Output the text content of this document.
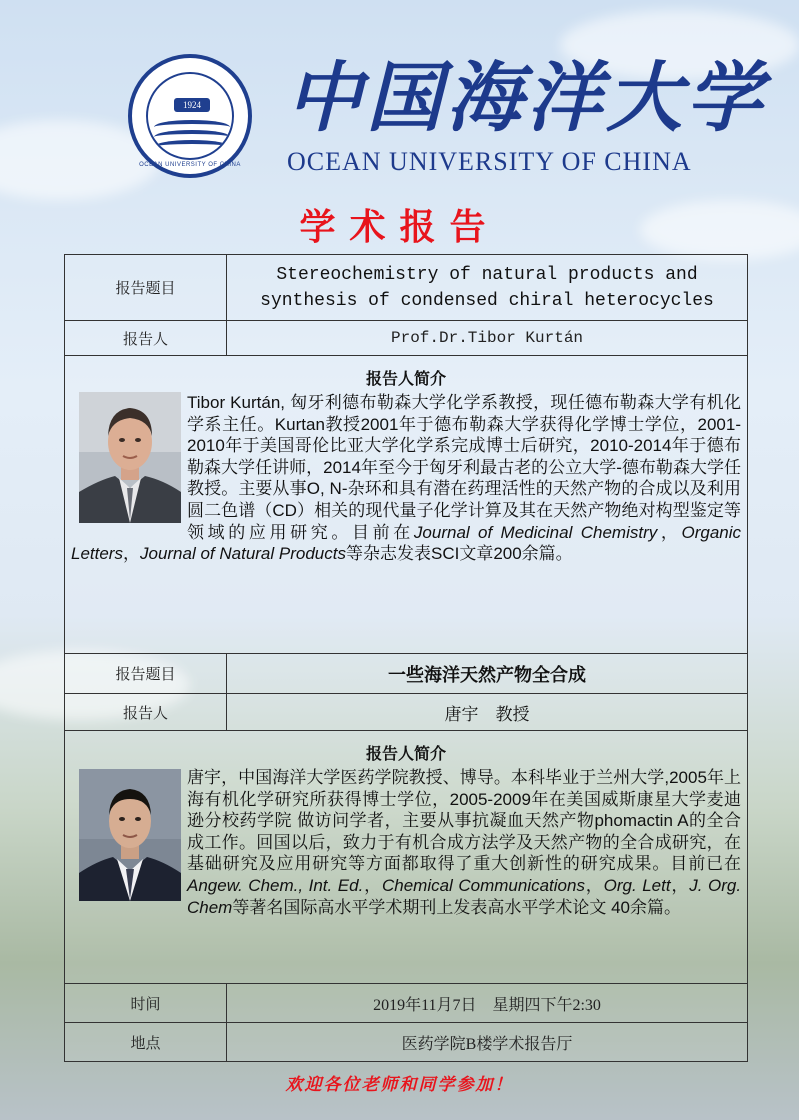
1924
OCEAN UNIVERSITY OF CHINA
中国海洋大学
OCEAN UNIVERSITY OF CHINA
学术报告
报告题目	Stereochemistry of natural products and
synthesis of condensed chiral heterocycles

报告人	Prof.Dr.Tibor Kurtán

报告人简介
Tibor Kurtán, 匈牙利德布勒森大学化学系教授，现任德布勒森大学有机化学系主任。Kurtan教授2001年于德布勒森大学获得化学博士学位，2001-2010年于美国哥伦比亚大学化学系完成博士后研究，2010-2014年于德布勒森大学任讲师，2014年至今于匈牙利最古老的公立大学-德布勒森大学任教授。主要从事O, N-杂环和具有潜在药理活性的天然产物的合成以及利用圆二色谱（CD）相关的现代量子化学计算及其在天然产物绝对构型鉴定等领域的应用研究。目前在Journal of Medicinal Chemistry，Organic Letters，Journal of Natural Products等杂志发表SCI文章200余篇。	

报告题目	一些海洋天然产物全合成
报告人	唐宇　教授

报告人简介
唐宇，中国海洋大学医药学院教授、博导。本科毕业于兰州大学,2005年上海有机化学研究所获得博士学位，2005-2009年在美国威斯康星大学麦迪逊分校药学院 做访问学者，主要从事抗凝血天然产物phomactin A的全合成工作。回国以后，致力于有机合成方法学及天然产物的全合成研究，在基础研究及应用研究等方面都取得了重大创新性的研究成果。目前已在Angew. Chem., Int. Ed.，Chemical Communications，Org. Lett，J. Org. Chem等著名国际高水平学术期刊上发表高水平学术论文 40余篇。	

时间	2019年11月7日　星期四下午2:30
地点	医药学院B楼学术报告厅
欢迎各位老师和同学参加！
